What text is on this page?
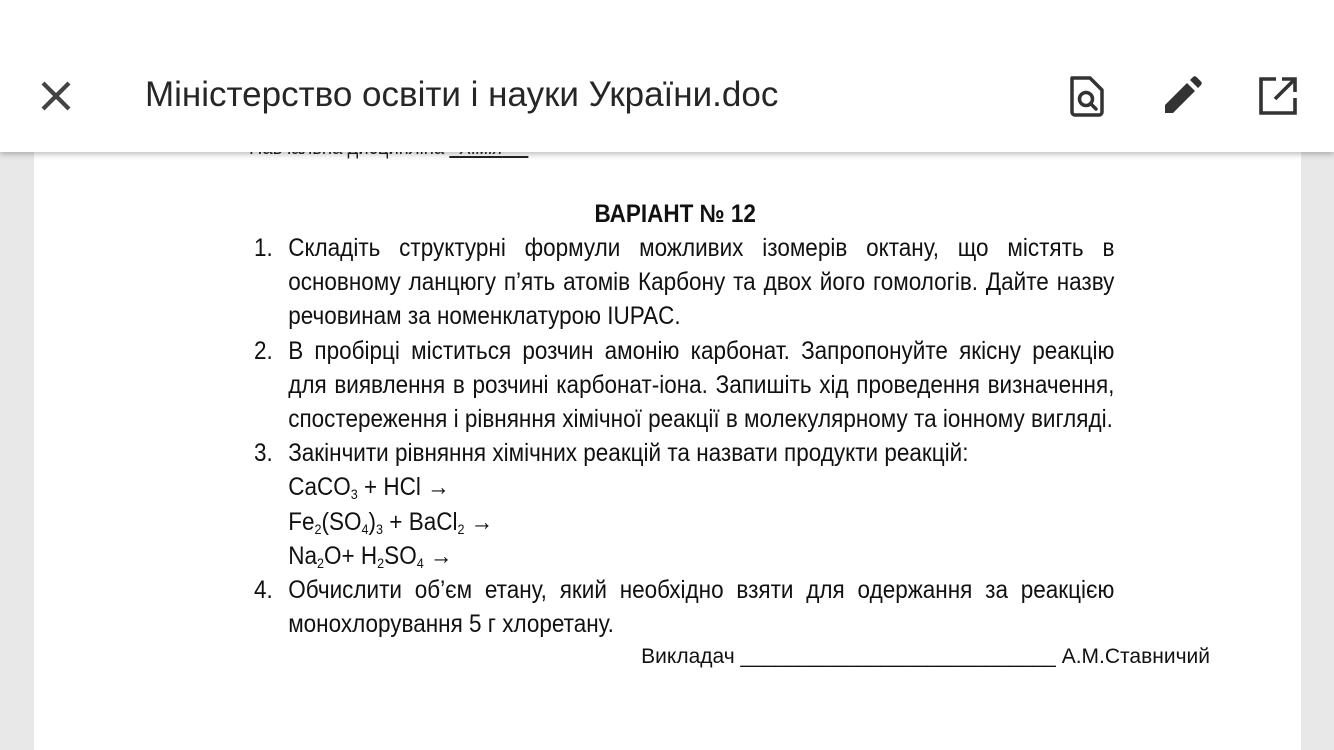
ВАРІАНТ № 12
1. Складіть структурні формули можливих ізомерів октану, що містять в основному ланцюгу п’ять атомів Карбону та двох його гомологів. Дайте назву речовинам за номенклатурою IUPAC.
2. В пробірці міститься розчин амонію карбонат. Запропонуйте якісну реакцію для виявлення в розчині карбонат-іона. Запишіть хід проведення визначення, спостереження і рівняння хімічної реакції в молекулярному та іонному вигляді.
3. Закінчити рівняння хімічних реакцій та назвати продукти реакцій:
CaCO$_3$ + HCl →
$Fe_2(SO_4)_3$ + BaCl$_2$ →
$Na_2O+ H_2SO_4$ →
4. Обчислити об’єм етану, який необхідно взяти для одержання за реакцією монохлорування 5 г хлоретану.
Викладач ___________________________ А.М.Ставничий
Міністерство освіти і науки України.doc
